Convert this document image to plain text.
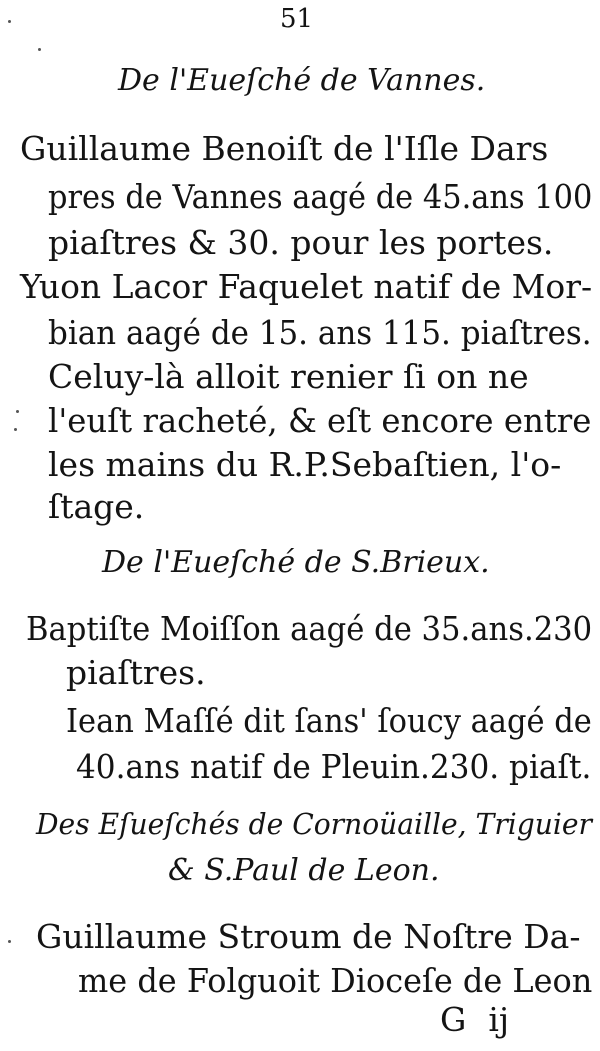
51
De l'Eueſché de Vannes.
Guillaume Benoiſt de l'Iſle Dars
pres de Vannes aagé de 45.ans 100
piaſtres & 30. pour les portes.
Yuon Lacor Faquelet natif de Mor-
bian aagé de 15. ans 115. piaſtres.
Celuy-là alloit renier ſi on ne
l'euſt racheté, & eſt encore entre
les mains du R.P.Sebaſtien, l'o-
ſtage.
De l'Eueſché de S.Brieux.
Baptiſte Moiſſon aagé de 35.ans.230
piaſtres.
Iean Maſſé dit ſans' ſoucy aagé de
40.ans natif de Pleuin.230. piaſt.
Des Eſueſchés de Cornoüaille, Triguier
& S.Paul de Leon.
Guillaume Stroum de Noſtre Da-
me de Folguoit Dioceſe de Leon
G ij
